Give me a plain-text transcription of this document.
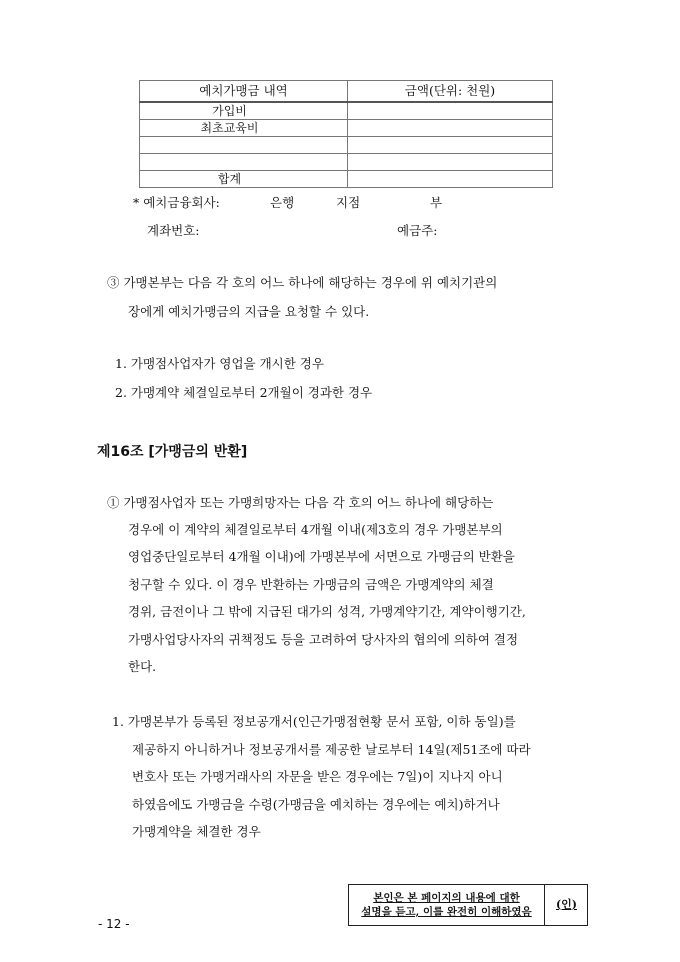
예치가맹금 내역	금액(단위: 천원)
가입비	
최초교육비	

합계	
* 예치금융회사:	은행	지점	부
계좌번호:	예금주:
③ 가맹본부는 다음 각 호의 어느 하나에 해당하는 경우에 위 예치기관의
장에게 예치가맹금의 지급을 요청할 수 있다.
1. 가맹점사업자가 영업을 개시한 경우
2. 가맹계약 체결일로부터 2개월이 경과한 경우
제16조 [가맹금의 반환]
① 가맹점사업자 또는 가맹희망자는 다음 각 호의 어느 하나에 해당하는
경우에 이 계약의 체결일로부터 4개월 이내(제3호의 경우 가맹본부의
영업중단일로부터 4개월 이내)에 가맹본부에 서면으로 가맹금의 반환을
청구할 수 있다. 이 경우 반환하는 가맹금의 금액은 가맹계약의 체결
경위, 금전이나 그 밖에 지급된 대가의 성격, 가맹계약기간, 계약이행기간,
가맹사업당사자의 귀책정도 등을 고려하여 당사자의 협의에 의하여 결정
한다.
1. 가맹본부가 등록된 정보공개서(인근가맹점현황 문서 포함, 이하 동일)를
제공하지 아니하거나 정보공개서를 제공한 날로부터 14일(제51조에 따라
변호사 또는 가맹거래사의 자문을 받은 경우에는 7일)이 지나지 아니
하였음에도 가맹금을 수령(가맹금을 예치하는 경우에는 예치)하거나
가맹계약을 체결한 경우
본인은 본 페이지의 내용에 대한
설명을 듣고, 이를 완전히 이해하였음
(인)
- 12 -
